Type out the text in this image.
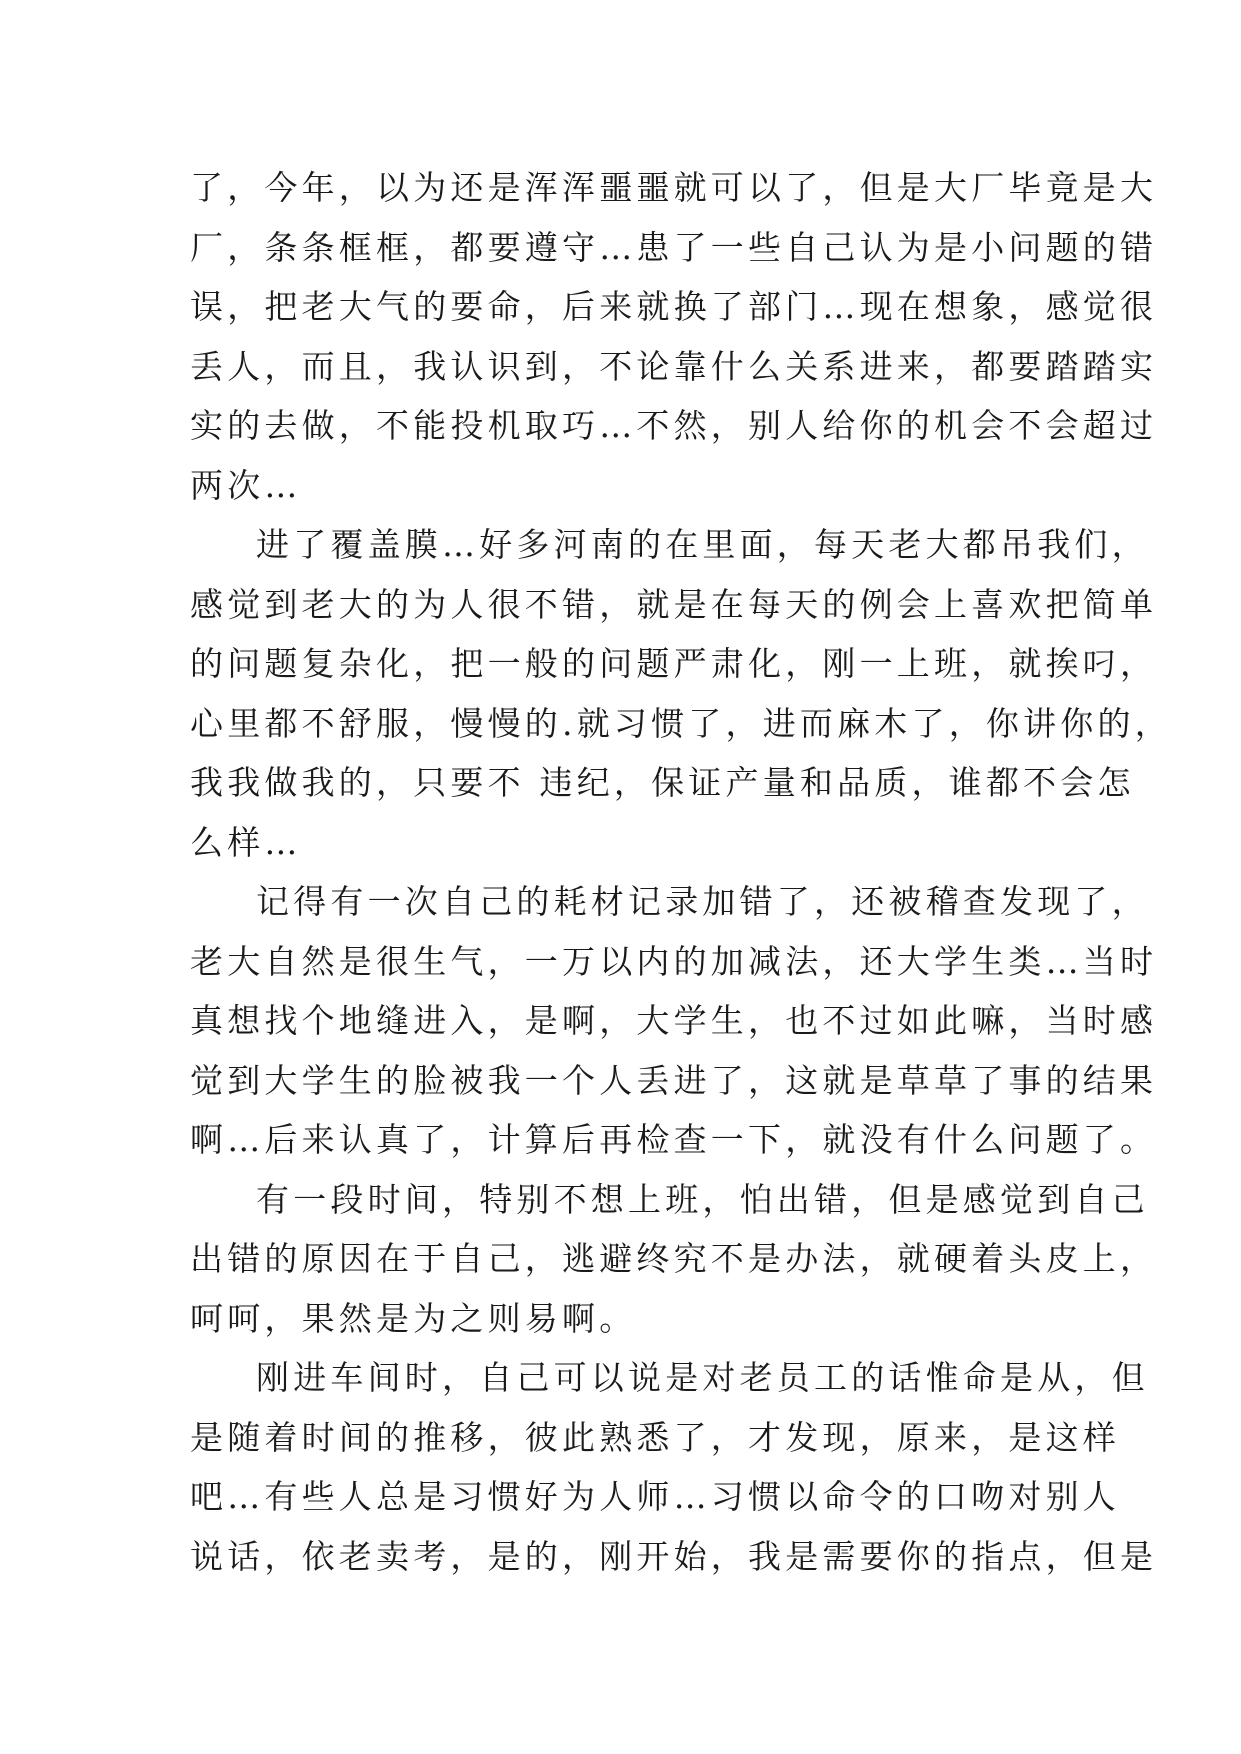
了，今年，以为还是浑浑噩噩就可以了，但是大厂毕竟是大
厂，条条框框，都要遵守…患了一些自己认为是小问题的错
误，把老大气的要命，后来就换了部门…现在想象，感觉很
丢人，而且，我认识到，不论靠什么关系进来，都要踏踏实
实的去做，不能投机取巧…不然，别人给你的机会不会超过
两次…
进了覆盖膜…好多河南的在里面，每天老大都吊我们，
感觉到老大的为人很不错，就是在每天的例会上喜欢把简单
的问题复杂化，把一般的问题严肃化，刚一上班，就挨叼，
心里都不舒服，慢慢的.就习惯了，进而麻木了，你讲你的，
我我做我的，只要不 违纪，保证产量和品质，谁都不会怎
么样…
记得有一次自己的耗材记录加错了，还被稽查发现了，
老大自然是很生气，一万以内的加减法，还大学生类…当时
真想找个地缝进入，是啊，大学生，也不过如此嘛，当时感
觉到大学生的脸被我一个人丢进了，这就是草草了事的结果
啊…后来认真了，计算后再检查一下，就没有什么问题了。
有一段时间，特别不想上班，怕出错，但是感觉到自己
出错的原因在于自己，逃避终究不是办法，就硬着头皮上，
呵呵，果然是为之则易啊。
刚进车间时，自己可以说是对老员工的话惟命是从，但
是随着时间的推移，彼此熟悉了，才发现，原来，是这样
吧…有些人总是习惯好为人师…习惯以命令的口吻对别人
说话，依老卖考，是的，刚开始，我是需要你的指点，但是
